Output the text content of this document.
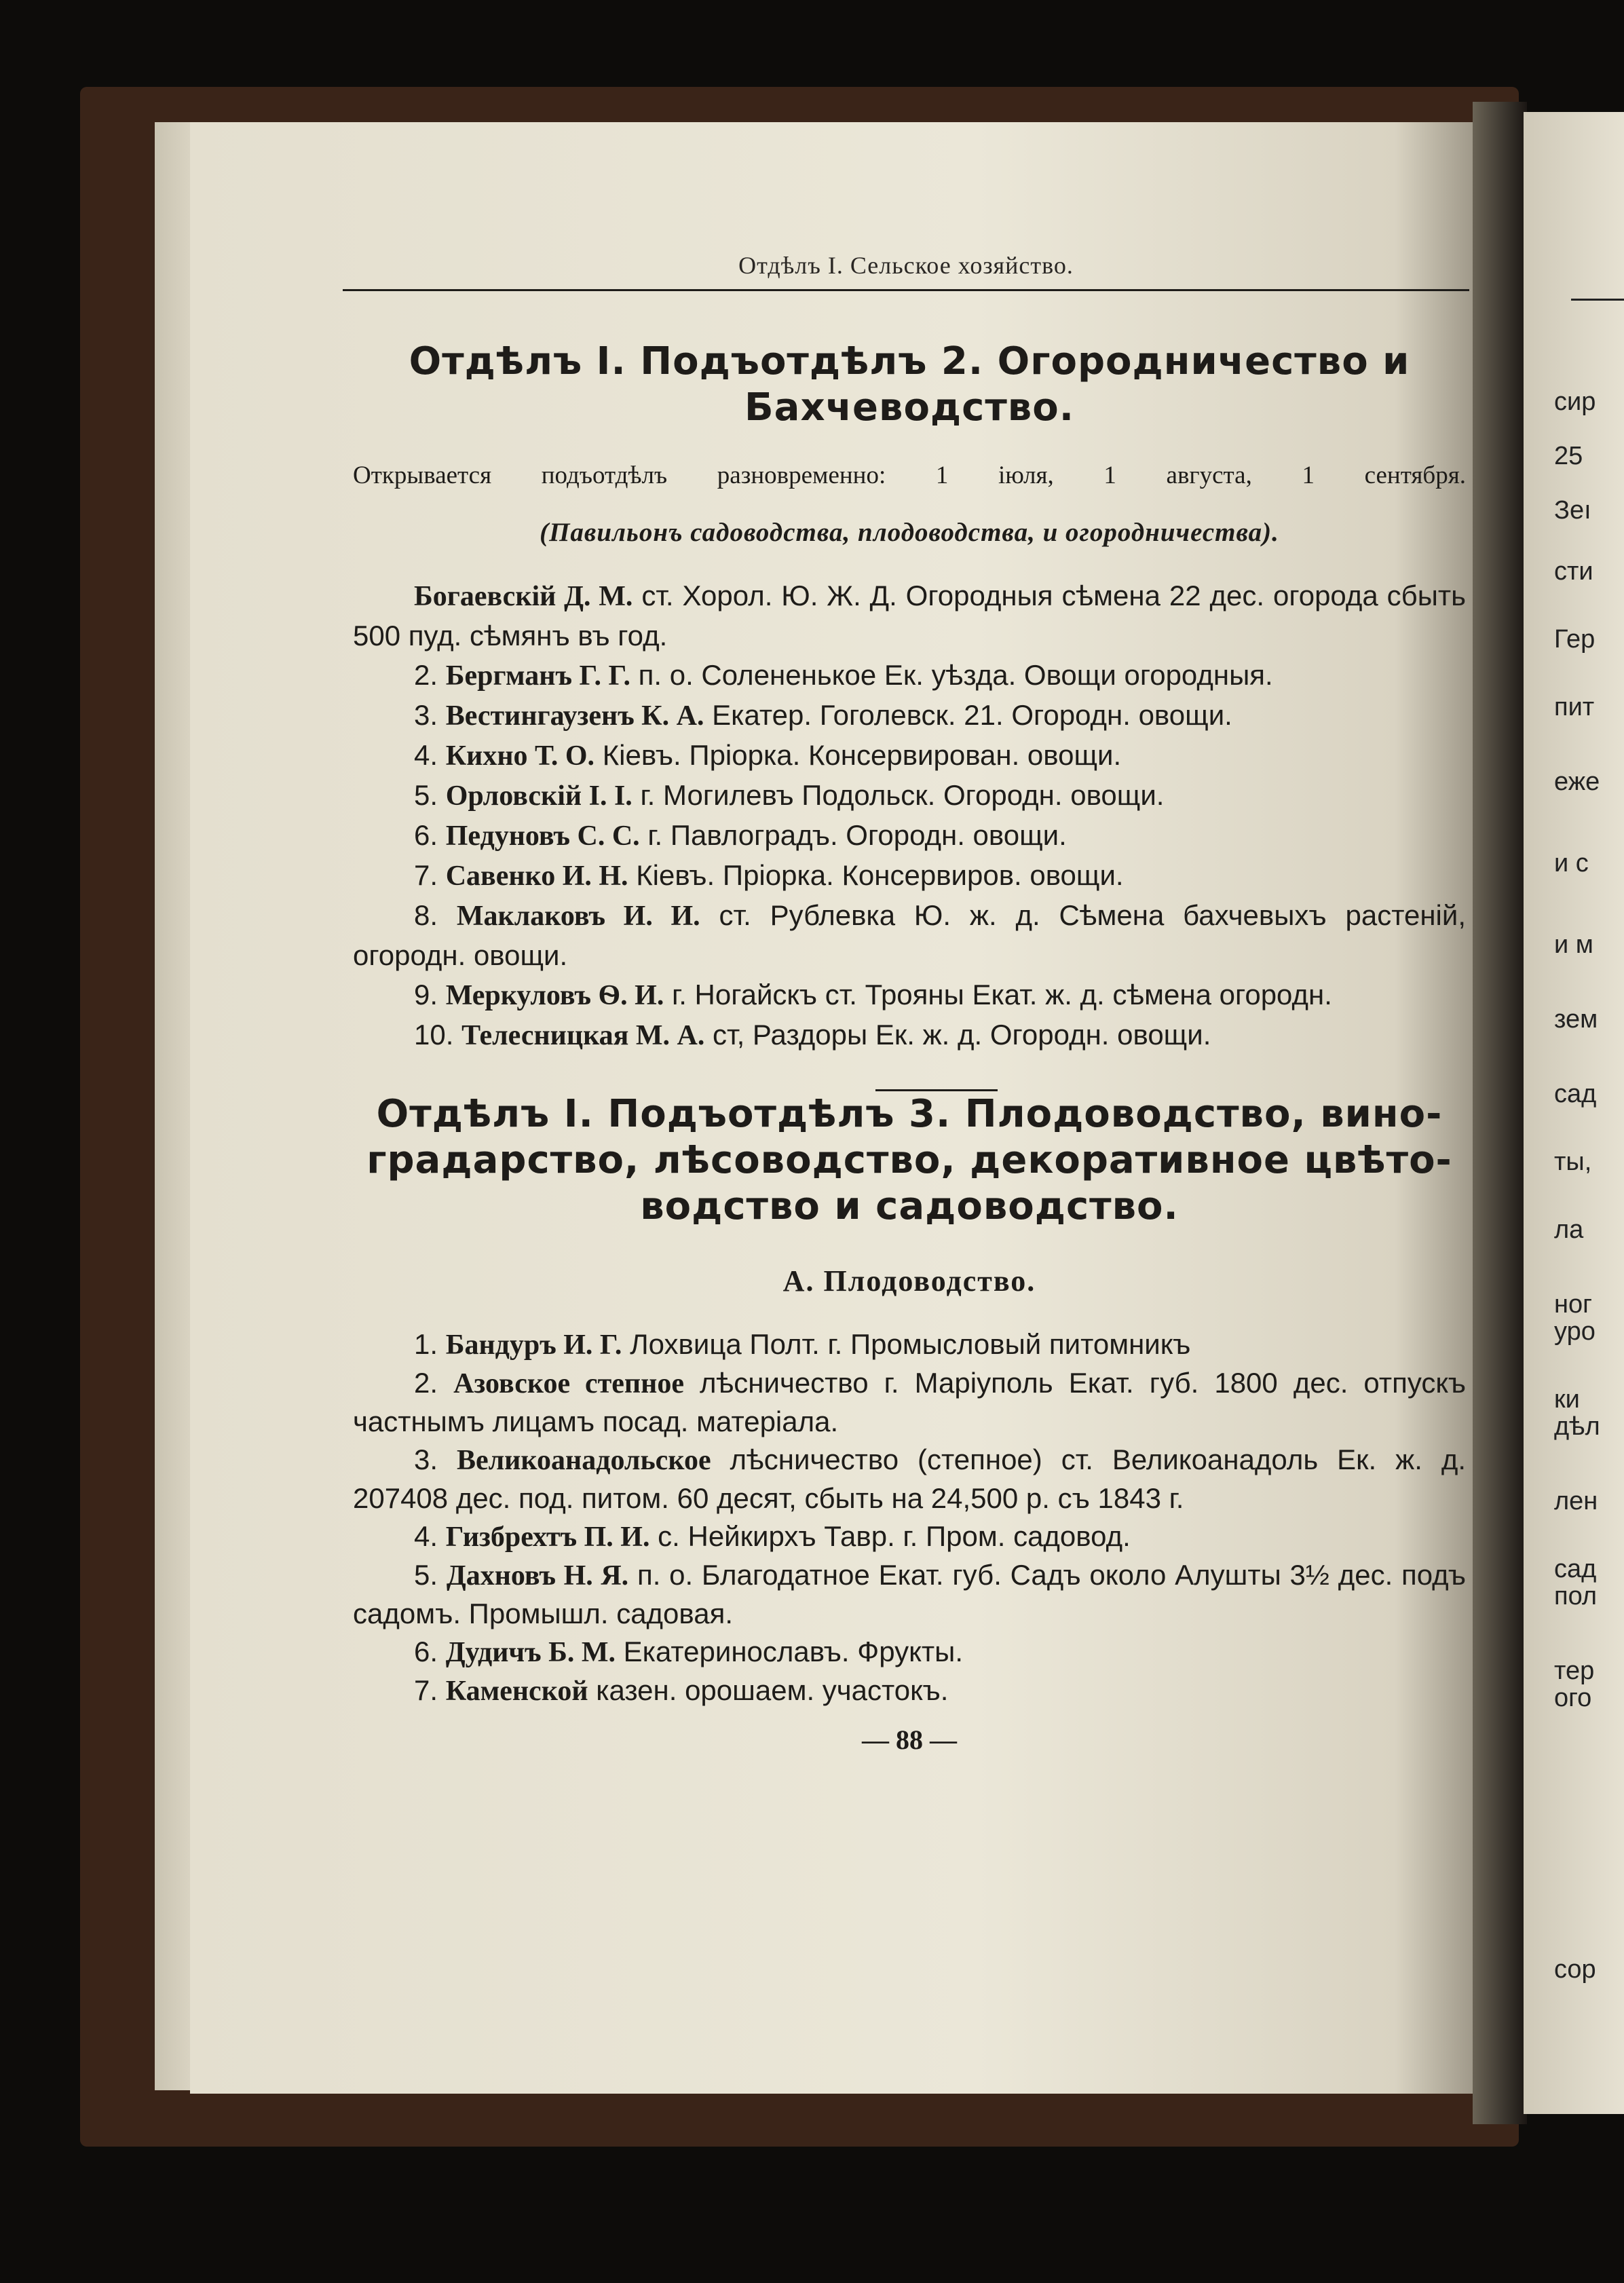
сир
25
Зеı
сти
Гер
пит
еже
и с
и м
зем
сад
ты,
ла
ног
уро
ки
дѣл
лен
сад
пол
тер
ого
сор
Отдѣлъ I. Сельское хозяйство.
Отдѣлъ I. Подъотдѣлъ 2. Огородничество и
Бахчеводство.
Открывается подъотдѣлъ разновременно: 1 іюля, 1 августа, 1 сентября.
(Павильонъ садоводства, плодоводства, и огородничества).
Богаевскій Д. М. ст. Хорол. Ю. Ж. Д. Огородныя сѣмена 22 дес. огорода сбыть 500 пуд. сѣмянъ въ год.
2. Бергманъ Г. Г. п. о. Солененькое Ек. уѣзда. Овощи огородныя.
3. Вестингаузенъ К. А. Екатер. Гоголевск. 21. Огородн. овощи.
4. Кихно Т. О. Кіевъ. Пріорка. Консервирован. овощи.
5. Орловскій I. I. г. Могилевъ Подольск. Огородн. овощи.
6. Педуновъ С. С. г. Павлоградъ. Огородн. овощи.
7. Савенко И. Н. Кіевъ. Пріорка. Консервиров. овощи.
8. Маклаковъ И. И. ст. Рублевка Ю. ж. д. Сѣмена бахчевыхъ растеній, огородн. овощи.
9. Меркуловъ Ѳ. И. г. Ногайскъ ст. Трояны Екат. ж. д. сѣмена огородн.
10. Телесницкая М. А. ст, Раздоры Ек. ж. д. Огородн. овощи.
Отдѣлъ I. Подъотдѣлъ 3. Плодоводство, вино-
градарство, лѣсоводство, декоративное цвѣто-
водство и садоводство.
А. Плодоводство.
1. Бандуръ И. Г. Лохвица Полт. г. Промысловый питомникъ
2. Азовское степное лѣсничество г. Маріуполь Екат. губ. 1800 дес. отпускъ частнымъ лицамъ посад. матеріала.
3. Великоанадольское лѣсничество (степное) ст. Великоанадоль Ек. ж. д. 207408 дес. под. питом. 60 десят, сбыть на 24,500 р. съ 1843 г.
4. Гизбрехтъ П. И. с. Нейкирхъ Тавр. г. Пром. садовод.
5. Дахновъ Н. Я. п. о. Благодатное Екат. губ. Садъ около Алушты 3½ дес. подъ садомъ. Промышл. садовая.
6. Дудичъ Б. М. Екатеринославъ. Фрукты.
7. Каменской казен. орошаем. участокъ.
— 88 —
